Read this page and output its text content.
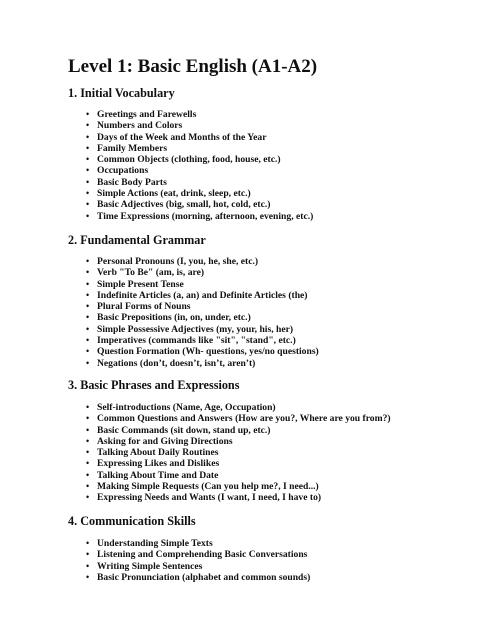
Level 1: Basic English (A1-A2)
1. Initial Vocabulary
• Greetings and Farewells
• Numbers and Colors
• Days of the Week and Months of the Year
• Family Members
• Common Objects (clothing, food, house, etc.)
• Occupations
• Basic Body Parts
• Simple Actions (eat, drink, sleep, etc.)
• Basic Adjectives (big, small, hot, cold, etc.)
• Time Expressions (morning, afternoon, evening, etc.)
2. Fundamental Grammar
• Personal Pronouns (I, you, he, she, etc.)
• Verb "To Be" (am, is, are)
• Simple Present Tense
• Indefinite Articles (a, an) and Definite Articles (the)
• Plural Forms of Nouns
• Basic Prepositions (in, on, under, etc.)
• Simple Possessive Adjectives (my, your, his, her)
• Imperatives (commands like "sit", "stand", etc.)
• Question Formation (Wh- questions, yes/no questions)
• Negations (don’t, doesn’t, isn’t, aren’t)
3. Basic Phrases and Expressions
• Self-introductions (Name, Age, Occupation)
• Common Questions and Answers (How are you?, Where are you from?)
• Basic Commands (sit down, stand up, etc.)
• Asking for and Giving Directions
• Talking About Daily Routines
• Expressing Likes and Dislikes
• Talking About Time and Date
• Making Simple Requests (Can you help me?, I need...)
• Expressing Needs and Wants (I want, I need, I have to)
4. Communication Skills
• Understanding Simple Texts
• Listening and Comprehending Basic Conversations
• Writing Simple Sentences
• Basic Pronunciation (alphabet and common sounds)
